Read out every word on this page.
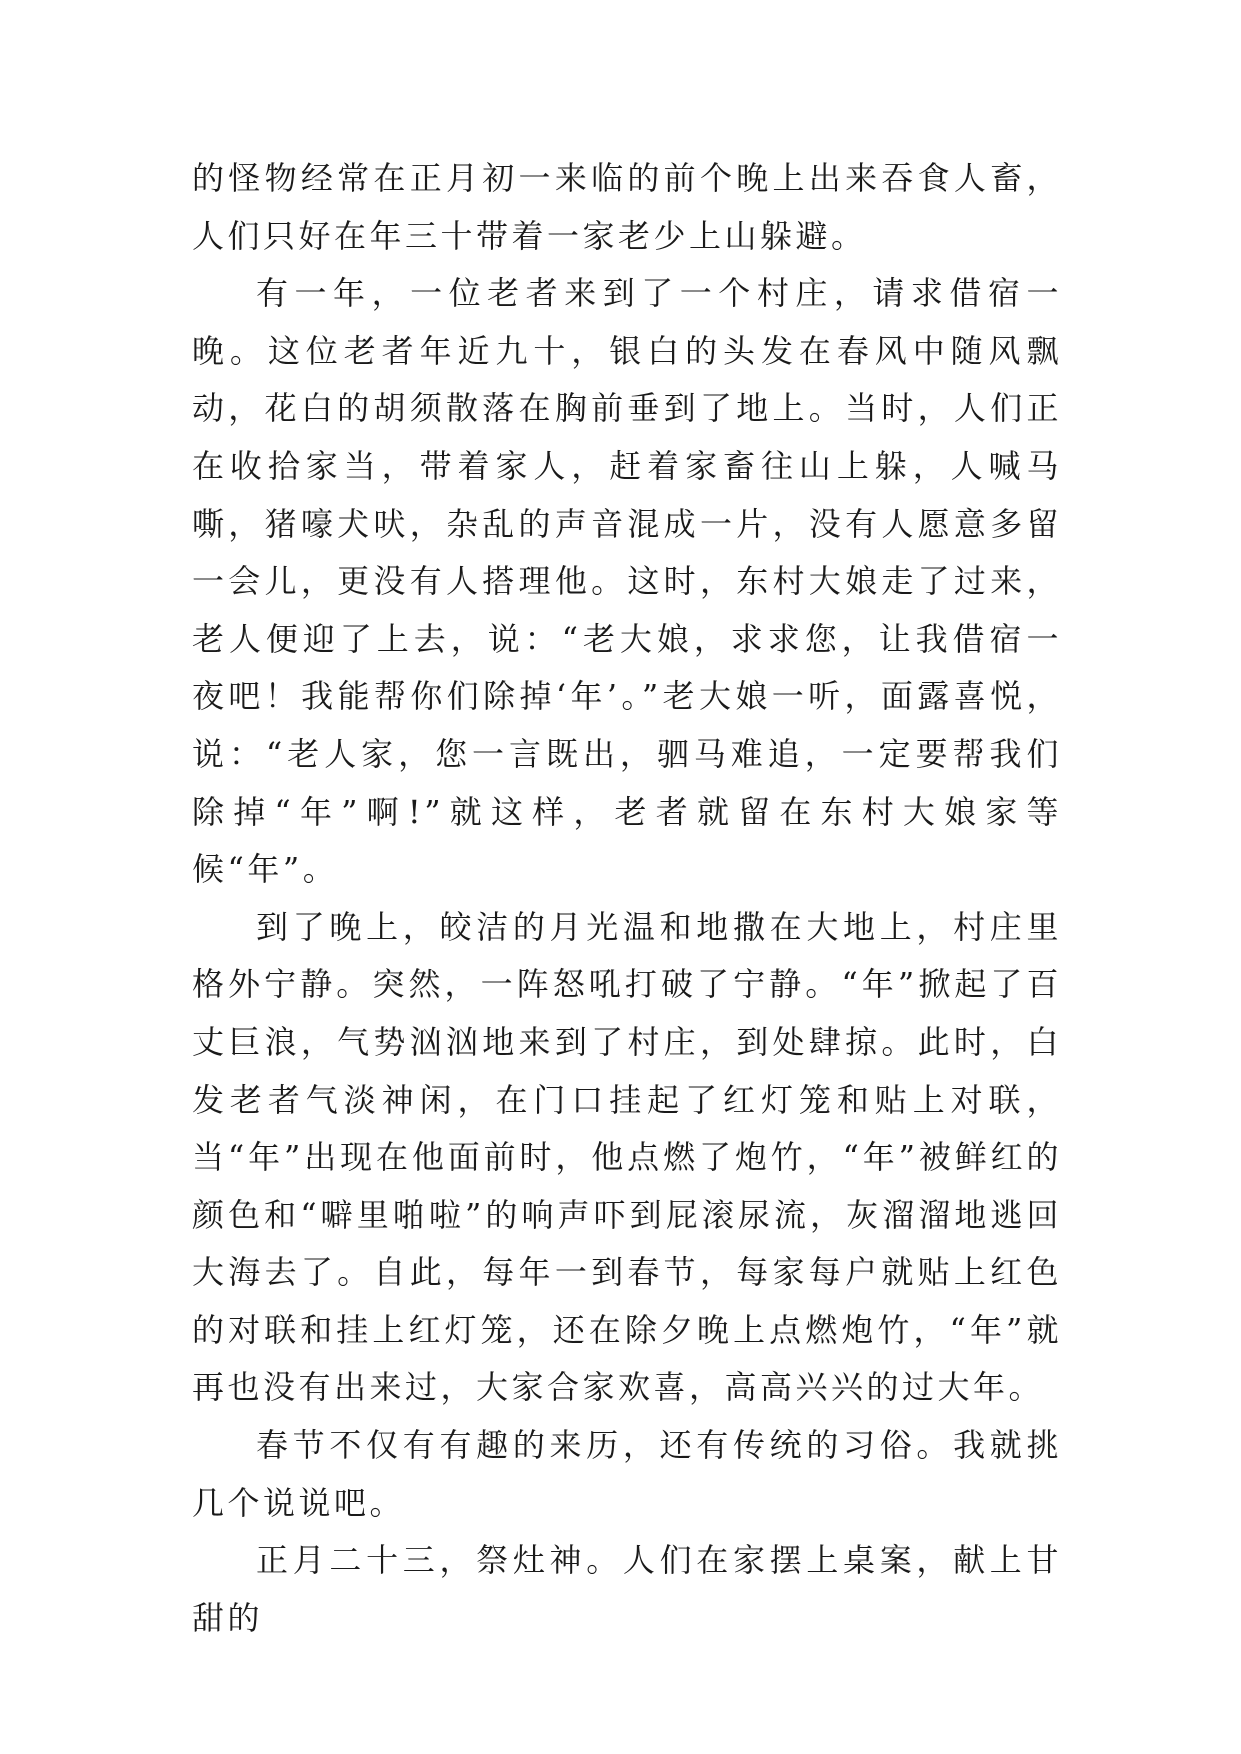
的怪物经常在正月初一来临的前个晚上出来吞食人畜，人们只好在年三十带着一家老少上山躲避。

有一年，一位老者来到了一个村庄，请求借宿一晚。这位老者年近九十，银白的头发在春风中随风飘动，花白的胡须散落在胸前垂到了地上。当时，人们正在收拾家当，带着家人，赶着家畜往山上躲，人喊马嘶，猪嚎犬吠，杂乱的声音混成一片，没有人愿意多留一会儿，更没有人搭理他。这时，东村大娘走了过来，老人便迎了上去，说：“老大娘，求求您，让我借宿一夜吧！我能帮你们除掉‘年’。”老大娘一听，面露喜悦，说：“老人家，您一言既出，驷马难追，一定要帮我们除掉“年”啊!”就这样，老者就留在东村大娘家等候“年”。

到了晚上，皎洁的月光温和地撒在大地上，村庄里格外宁静。突然，一阵怒吼打破了宁静。“年”掀起了百丈巨浪，气势汹汹地来到了村庄，到处肆掠。此时，白发老者气淡神闲，在门口挂起了红灯笼和贴上对联，当“年”出现在他面前时，他点燃了炮竹，“年”被鲜红的颜色和“噼里啪啦”的响声吓到屁滚尿流，灰溜溜地逃回大海去了。自此，每年一到春节，每家每户就贴上红色的对联和挂上红灯笼，还在除夕晚上点燃炮竹，“年”就再也没有出来过，大家合家欢喜，高高兴兴的过大年。

春节不仅有有趣的来历，还有传统的习俗。我就挑几个说说吧。

正月二十三，祭灶神。人们在家摆上桌案，献上甘甜的
